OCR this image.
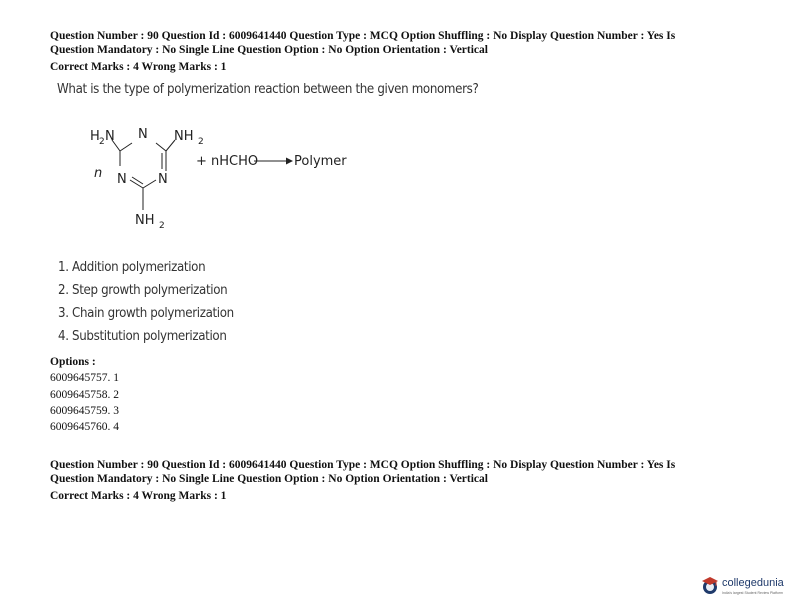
Question Number : 90 Question Id : 6009641440 Question Type : MCQ Option Shuffling : No Display Question Number : Yes Is

Question Mandatory : No Single Line Question Option : No Option Orientation : Vertical

Correct Marks : 4 Wrong Marks : 1

What is the type of polymerization reaction between the given monomers?
N
N N
H 2 N	NH 2
NH 2
n
+ nHCHO	Polymer
1. Addition polymerization
2. Step growth polymerization
3. Chain growth polymerization
4. Substitution polymerization
Options :
6009645757. 1
6009645758. 2
6009645759. 3
6009645760. 4

Question Number : 90 Question Id : 6009641440 Question Type : MCQ Option Shuffling : No Display Question Number : Yes Is

Question Mandatory : No Single Line Question Option : No Option Orientation : Vertical

Correct Marks : 4 Wrong Marks : 1

collegedunia
India's largest Student Review Platform
